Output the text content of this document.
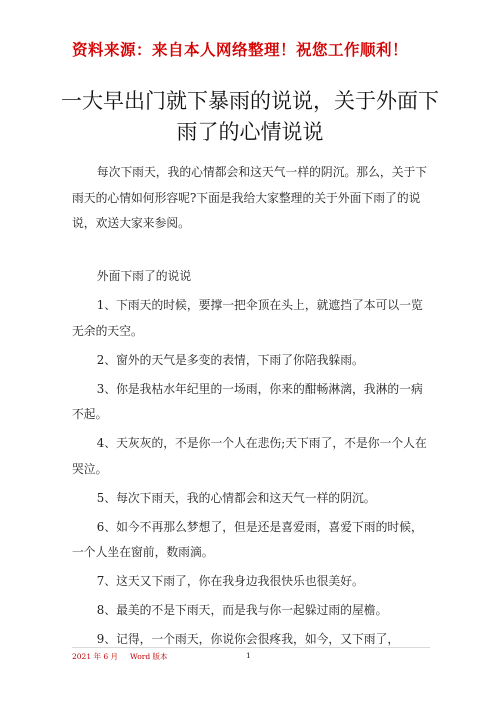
资料来源：来自本人网络整理！祝您工作顺利！
一大早出门就下暴雨的说说，关于外面下雨了的心情说说

每次下雨天，我的心情都会和这天气一样的阴沉。那么，关于下雨天的心情如何形容呢?下面是我给大家整理的关于外面下雨了的说说，欢送大家来参阅。

外面下雨了的说说

1、下雨天的时候，要撑一把伞顶在头上，就遮挡了本可以一览无余的天空。

2、窗外的天气是多变的表情，下雨了你陪我躲雨。

3、你是我枯水年纪里的一场雨，你来的酣畅淋漓，我淋的一病不起。

4、天灰灰的，不是你一个人在悲伤;天下雨了，不是你一个人在哭泣。

5、每次下雨天，我的心情都会和这天气一样的阴沉。

6、如今不再那么梦想了，但是还是喜爱雨，喜爱下雨的时候，一个人坐在窗前，数雨滴。

7、这天又下雨了，你在我身边我很快乐也很美好。

8、最美的不是下雨天，而是我与你一起躲过雨的屋檐。

9、记得，一个雨天，你说你会很疼我，如今，又下雨了，

2021 年 6 月 Word 版本	1
